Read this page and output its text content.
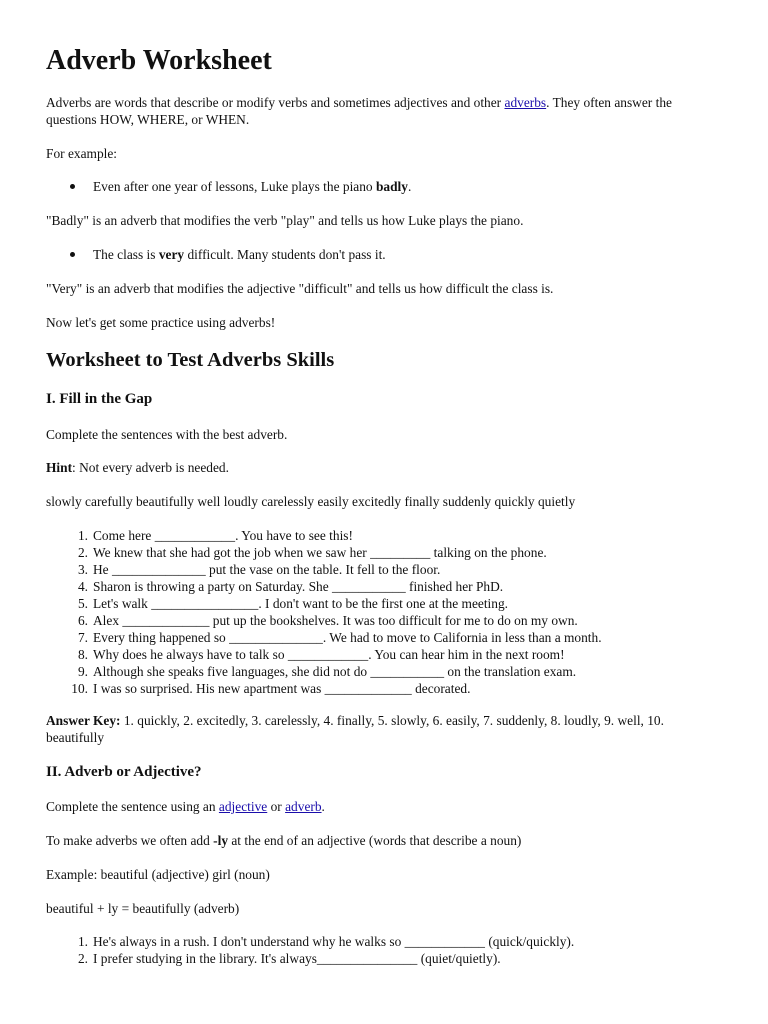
Adverb Worksheet

Adverbs are words that describe or modify verbs and sometimes adjectives and other adverbs. They often answer the questions HOW, WHERE, or WHEN.

For example:

Even after one year of lessons, Luke plays the piano badly.

"Badly" is an adverb that modifies the verb "play" and tells us how Luke plays the piano.

The class is very difficult. Many students don't pass it.

"Very" is an adverb that modifies the adjective "difficult" and tells us how difficult the class is.

Now let's get some practice using adverbs!

Worksheet to Test Adverbs Skills
I. Fill in the Gap

Complete the sentences with the best adverb.

Hint: Not every adverb is needed.

slowly carefully beautifully well loudly carelessly easily excitedly finally suddenly quickly quietly

1. Come here ____________. You have to see this!
2. We knew that she had got the job when we saw her _________ talking on the phone.
3. He ______________ put the vase on the table. It fell to the floor.
4. Sharon is throwing a party on Saturday. She ___________ finished her PhD.
5. Let's walk ________________. I don't want to be the first one at the meeting.
6. Alex _____________ put up the bookshelves. It was too difficult for me to do on my own.
7. Every thing happened so ______________. We had to move to California in less than a month.
8. Why does he always have to talk so ____________. You can hear him in the next room!
9. Although she speaks five languages, she did not do ___________ on the translation exam.
10. I was so surprised. His new apartment was _____________ decorated.

Answer Key: 1. quickly, 2. excitedly, 3. carelessly, 4. finally, 5. slowly, 6. easily, 7. suddenly, 8. loudly, 9. well, 10. beautifully

II. Adverb or Adjective?

Complete the sentence using an adjective or adverb.

To make adverbs we often add -ly at the end of an adjective (words that describe a noun)

Example: beautiful (adjective) girl (noun)

beautiful + ly = beautifully (adverb)

1. He's always in a rush. I don't understand why he walks so ____________ (quick/quickly).
2. I prefer studying in the library. It's always_______________ (quiet/quietly).
